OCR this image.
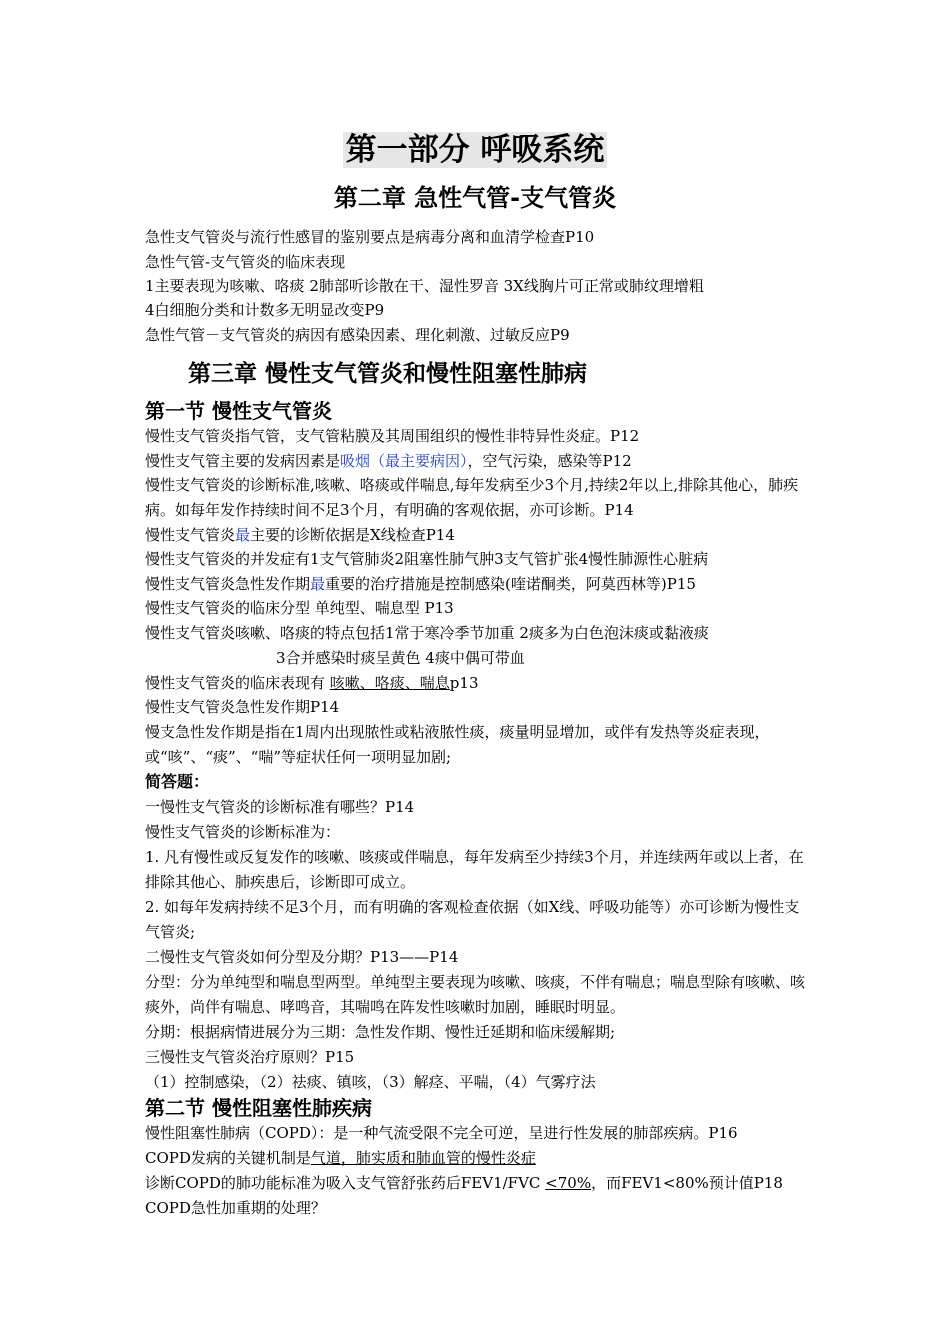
第一部分 呼吸系统
第二章 急性气管-支气管炎
急性支气管炎与流行性感冒的鉴别要点是病毒分离和血清学检查P10
急性气管-支气管炎的临床表现
1主要表现为咳嗽、咯痰 2肺部听诊散在干、湿性罗音 3X线胸片可正常或肺纹理增粗
4白细胞分类和计数多无明显改变P9
急性气管－支气管炎的病因有感染因素、理化刺激、过敏反应P9
第三章 慢性支气管炎和慢性阻塞性肺病
第一节 慢性支气管炎
慢性支气管炎指气管，支气管粘膜及其周围组织的慢性非特异性炎症。P12
慢性支气管主要的发病因素是吸烟（最主要病因），空气污染，感染等P12
慢性支气管炎的诊断标准,咳嗽、咯痰或伴喘息,每年发病至少3个月,持续2年以上,排除其他心，肺疾病。如每年发作持续时间不足3个月，有明确的客观依据，亦可诊断。P14
慢性支气管炎最主要的诊断依据是X线检查P14
慢性支气管炎的并发症有1支气管肺炎2阻塞性肺气肿3支气管扩张4慢性肺源性心脏病
慢性支气管炎急性发作期最重要的治疗措施是控制感染(喹诺酮类，阿莫西林等)P15
慢性支气管炎的临床分型 单纯型、喘息型 P13
慢性支气管炎咳嗽、咯痰的特点包括1常于寒冷季节加重 2痰多为白色泡沫痰或黏液痰
3合并感染时痰呈黄色 4痰中偶可带血
慢性支气管炎的临床表现有 咳嗽、咯痰、喘息p13
慢性支气管炎急性发作期P14
慢支急性发作期是指在1周内出现脓性或粘液脓性痰，痰量明显增加，或伴有发热等炎症表现，或“咳”、“痰”、“喘”等症状任何一项明显加剧;
简答题：
一慢性支气管炎的诊断标准有哪些？P14
慢性支气管炎的诊断标准为：
1. 凡有慢性或反复发作的咳嗽、咳痰或伴喘息，每年发病至少持续3个月，并连续两年或以上者，在排除其他心、肺疾患后，诊断即可成立。
2. 如每年发病持续不足3个月，而有明确的客观检查依据（如X线、呼吸功能等）亦可诊断为慢性支气管炎;
二慢性支气管炎如何分型及分期？P13——P14
分型：分为单纯型和喘息型两型。单纯型主要表现为咳嗽、咳痰，不伴有喘息；喘息型除有咳嗽、咳痰外，尚伴有喘息、哮鸣音，其喘鸣在阵发性咳嗽时加剧，睡眠时明显。
分期：根据病情进展分为三期：急性发作期、慢性迁延期和临床缓解期;
三慢性支气管炎治疗原则？P15
（1）控制感染，（2）祛痰、镇咳，（3）解痉、平喘，（4）气雾疗法
第二节 慢性阻塞性肺疾病
慢性阻塞性肺病（COPD）：是一种气流受限不完全可逆，呈进行性发展的肺部疾病。P16
COPD发病的关键机制是气道，肺实质和肺血管的慢性炎症
诊断COPD的肺功能标准为吸入支气管舒张药后FEV1/FVC <70%，而FEV1<80%预计值P18
COPD急性加重期的处理？
